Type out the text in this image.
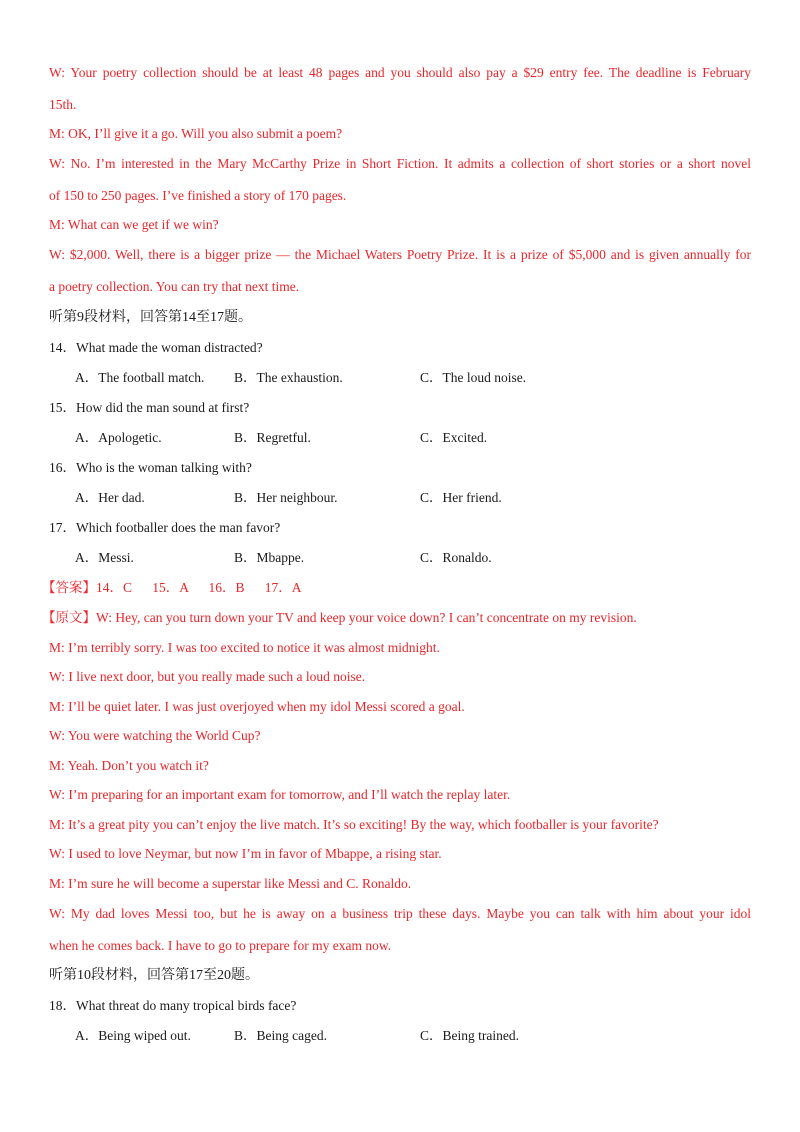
W: Your poetry collection should be at least 48 pages and you should also pay a $29 entry fee. The deadline is February
15th.
M: OK, I’ll give it a go. Will you also submit a poem?
W: No. I’m interested in the Mary McCarthy Prize in Short Fiction. It admits a collection of short stories or a short novel
of 150 to 250 pages. I’ve finished a story of 170 pages.
M: What can we get if we win?
W: $2,000. Well, there is a bigger prize — the Michael Waters Poetry Prize. It is a prize of $5,000 and is given annually for
a poetry collection. You can try that next time.
听第9段材料，回答第14至17题。
14．What made the woman distracted?
A．The football match. B．The exhaustion.	C．The loud noise.
15．How did the man sound at first?
A．Apologetic.	B．Regretful.	C．Excited.
16．Who is the woman talking with?
A．Her dad.	B．Her neighbour.	C．Her friend.
17．Which footballer does the man favor?
A．Messi.	B．Mbappe.	C．Ronaldo.
【答案】14．C      15．A      16．B      17．A
【原文】W: Hey, can you turn down your TV and keep your voice down? I can’t concentrate on my revision.
M: I’m terribly sorry. I was too excited to notice it was almost midnight.
W: I live next door, but you really made such a loud noise.
M: I’ll be quiet later. I was just overjoyed when my idol Messi scored a goal.
W: You were watching the World Cup?
M: Yeah. Don’t you watch it?
W: I’m preparing for an important exam for tomorrow, and I’ll watch the replay later.
M: It’s a great pity you can’t enjoy the live match. It’s so exciting! By the way, which footballer is your favorite?
W: I used to love Neymar, but now I’m in favor of Mbappe, a rising star.
M: I’m sure he will become a superstar like Messi and C. Ronaldo.
W: My dad loves Messi too, but he is away on a business trip these days. Maybe you can talk with him about your idol
when he comes back. I have to go to prepare for my exam now.
听第10段材料，回答第17至20题。
18．What threat do many tropical birds face?
A．Being wiped out.	B．Being caged.	C．Being trained.
